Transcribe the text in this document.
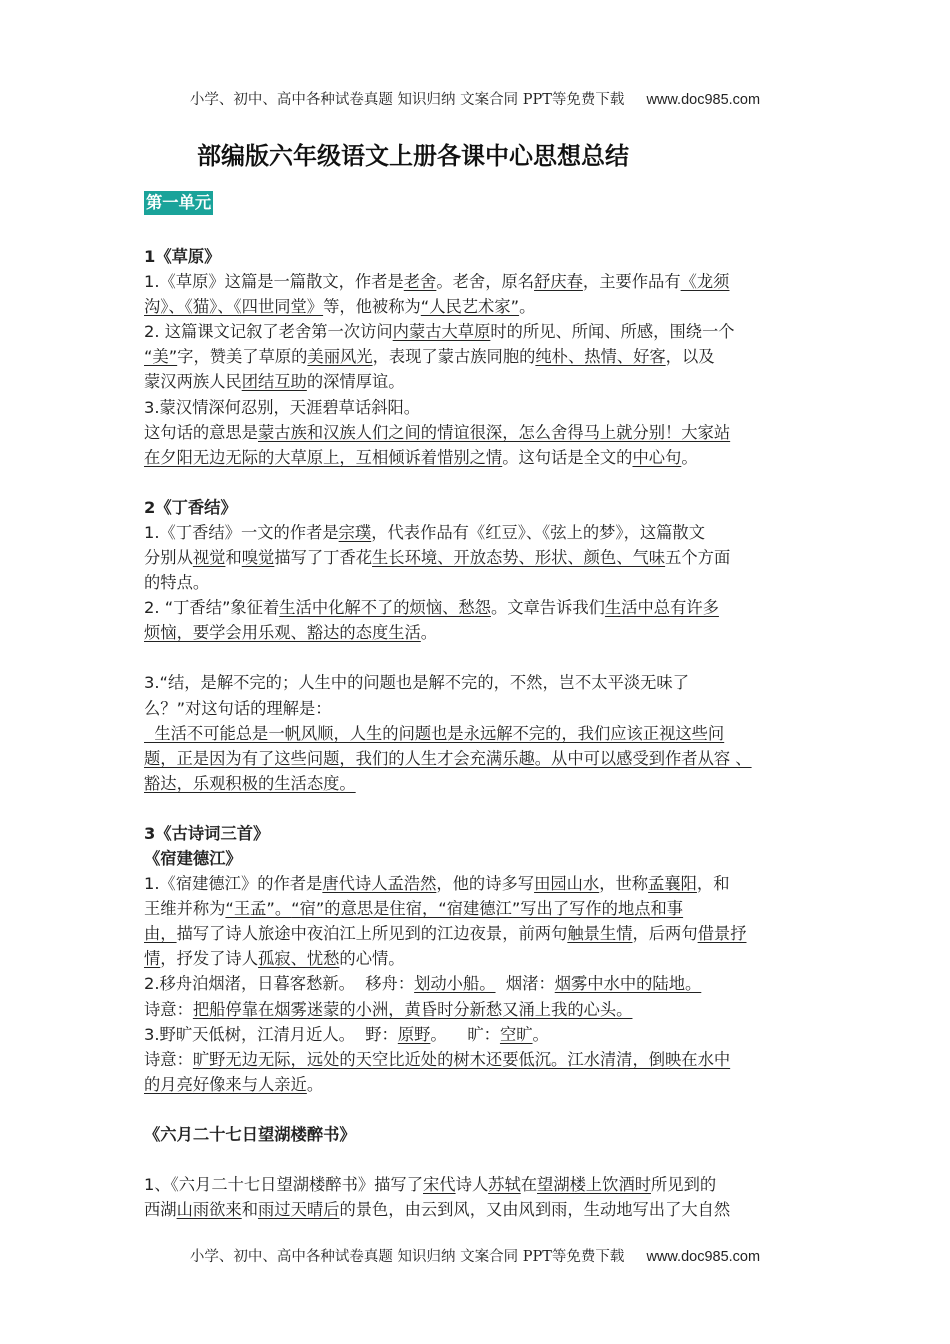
小学、初中、高中各种试卷真题 知识归纳 文案合同 PPT等免费下载 www.doc985.com
部编版六年级语文上册各课中心思想总结
第一单元
1《草原》
1.《草原》这篇是一篇散文，作者是老舍。老舍，原名舒庆春，主要作品有《龙须
沟》、《猫》、《四世同堂》等，他被称为“人民艺术家”。
2. 这篇课文记叙了老舍第一次访问内蒙古大草原时的所见、所闻、所感，围绕一个
“美”字，赞美了草原的美丽风光，表现了蒙古族同胞的纯朴、热情、好客，以及
蒙汉两族人民团结互助的深情厚谊。
3.蒙汉情深何忍别，天涯碧草话斜阳。
这句话的意思是蒙古族和汉族人们之间的情谊很深，怎么舍得马上就分别！大家站
在夕阳无边无际的大草原上，互相倾诉着惜别之情。这句话是全文的中心句。
2《丁香结》
1.《丁香结》一文的作者是宗璞，代表作品有《红豆》、《弦上的梦》，这篇散文
分别从视觉和嗅觉描写了丁香花生长环境、开放态势、形状、颜色、气味五个方面
的特点。
2. “丁香结”象征着生活中化解不了的烦恼、愁怨。文章告诉我们生活中总有许多
烦恼，要学会用乐观、豁达的态度生活。
3.“结，是解不完的；人生中的问题也是解不完的，不然，岂不太平淡无味了
么？”对这句话的理解是：
生活不可能总是一帆风顺，人生的问题也是永远解不完的，我们应该正视这些问
题，正是因为有了这些问题，我们的人生才会充满乐趣。从中可以感受到作者从容 、
豁达，乐观积极的生活态度。
3《古诗词三首》
《宿建德江》
1.《宿建德江》的作者是唐代诗人孟浩然，他的诗多写田园山水，世称孟襄阳，和
王维并称为“王孟”。“宿”的意思是住宿，“宿建德江”写出了写作的地点和事
由，描写了诗人旅途中夜泊江上所见到的江边夜景，前两句触景生情，后两句借景抒
情，抒发了诗人孤寂、忧愁的心情。
2.移舟泊烟渚，日暮客愁新。  移舟：划动小船。  烟渚：烟雾中水中的陆地。
诗意：把船停靠在烟雾迷蒙的小洲，黄昏时分新愁又涌上我的心头。
3.野旷天低树，江清月近人。  野：原野。    旷：空旷。
诗意：旷野无边无际，远处的天空比近处的树木还要低沉。江水清清，倒映在水中
的月亮好像来与人亲近。
《六月二十七日望湖楼醉书》
1、《六月二十七日望湖楼醉书》描写了宋代诗人苏轼在望湖楼上饮酒时所见到的
西湖山雨欲来和雨过天晴后的景色，由云到风，又由风到雨，生动地写出了大自然
小学、初中、高中各种试卷真题 知识归纳 文案合同 PPT等免费下载 www.doc985.com
